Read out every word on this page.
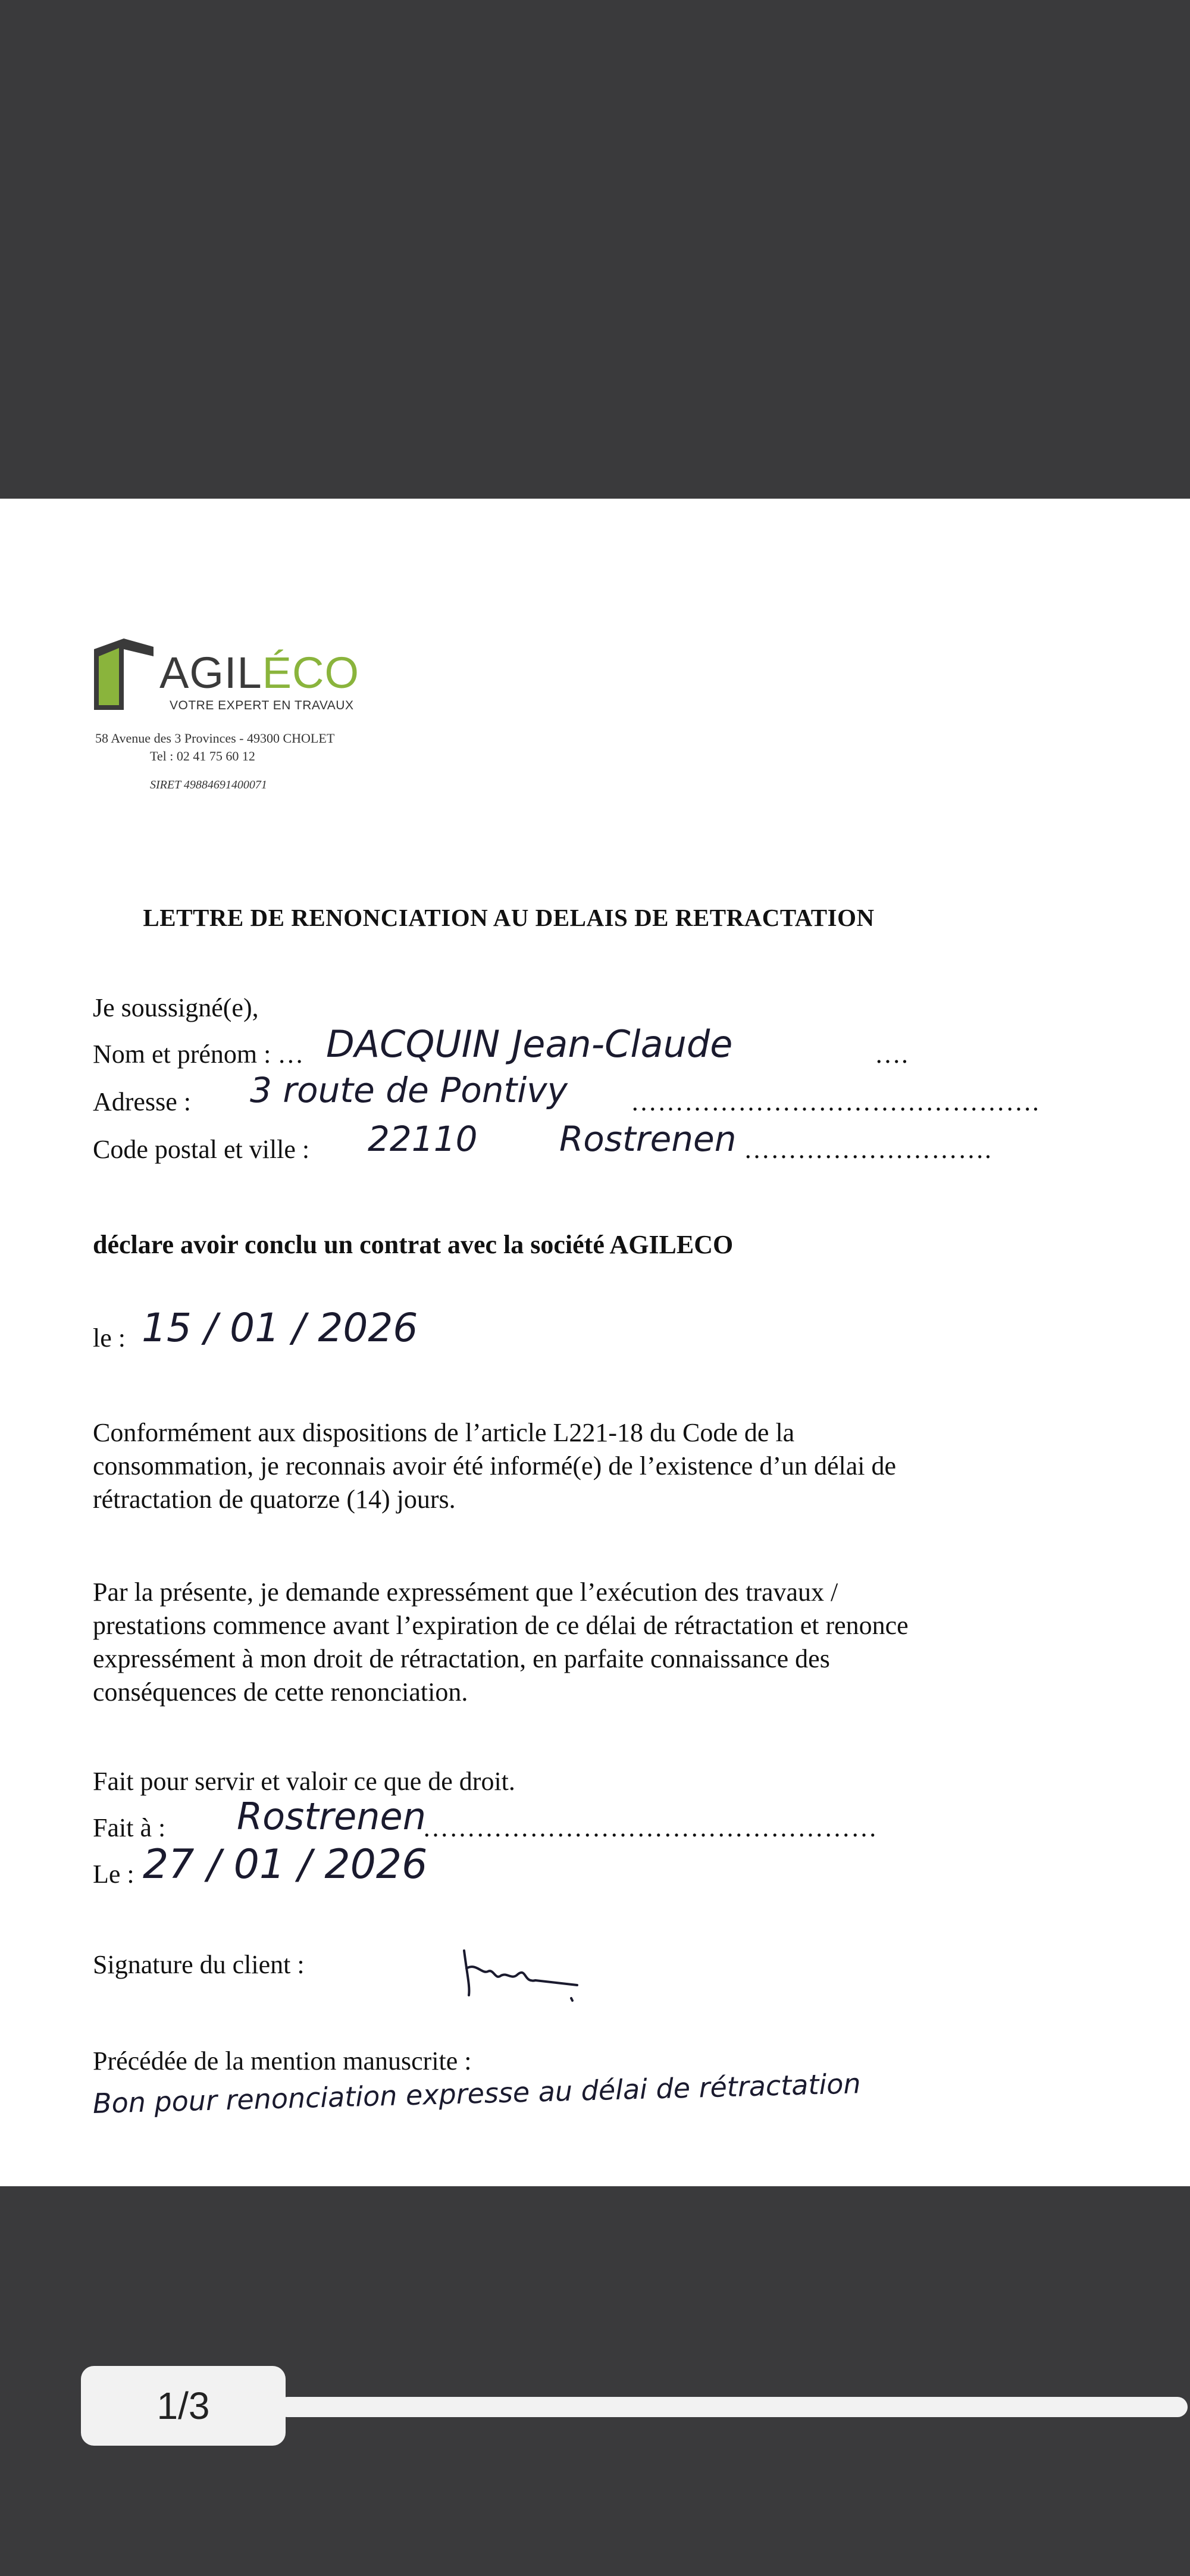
AGILÉCO
VOTRE EXPERT EN TRAVAUX
58 Avenue des 3 Provinces - 49300 CHOLET
Tel : 02 41 75 60 12
SIRET 49884691400071
LETTRE DE RENONCIATION AU DELAIS DE RETRACTATION
Je soussigné(e),
Nom et prénom : … DACQUIN Jean-Claude	….
Adresse : 3 route de Pontivy ……………………………………….
Code postal et ville : 22110 Rostrenen ……………………….
déclare avoir conclu un contrat avec la société AGILECO
le : 15 / 01 / 2026
Conformément aux dispositions de l’article L221-18 du Code de la consommation, je reconnais avoir été informé(e) de l’existence d’un délai de rétractation de quatorze (14) jours.
Par la présente, je demande expressément que l’exécution des travaux / prestations commence avant l’expiration de ce délai de rétractation et renonce expressément à mon droit de rétractation, en parfaite connaissance des conséquences de cette renonciation.
Fait pour servir et valoir ce que de droit.
Fait à : Rostrenen
……………………………………………
Le : 27 / 01 / 2026
Signature du client :
Précédée de la mention manuscrite :
Bon pour renonciation expresse au délai de rétractation
1/3
